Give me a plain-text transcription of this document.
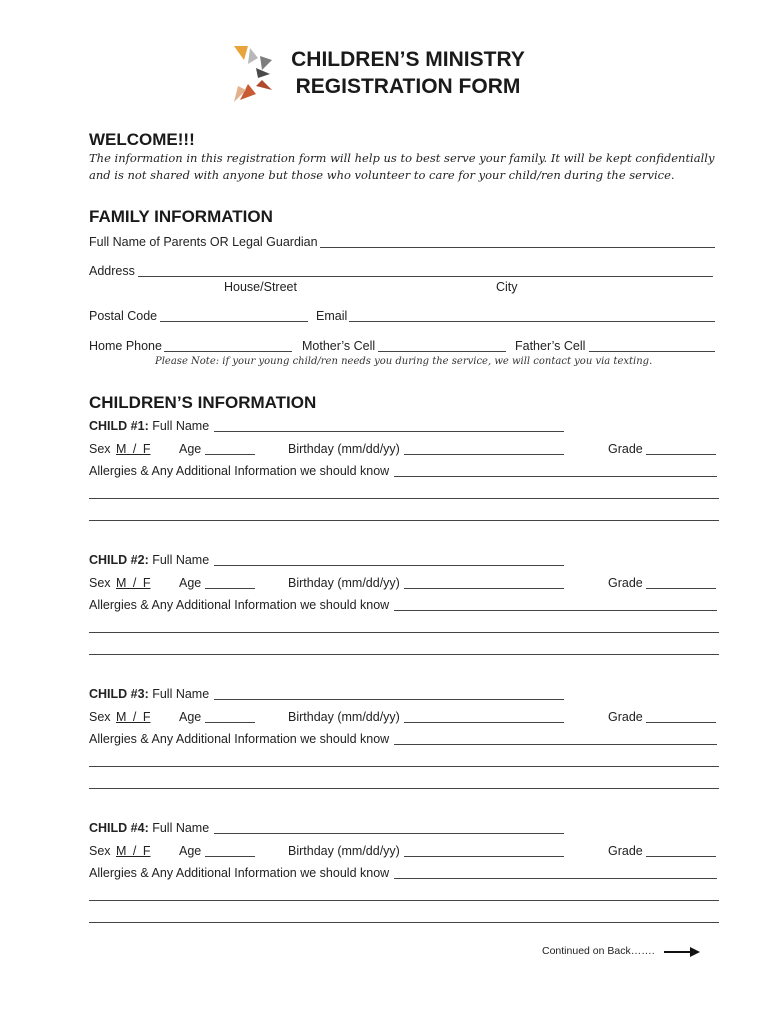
CHILDREN’S MINISTRY
REGISTRATION FORM
WELCOME!!!
The information in this registration form will help us to best serve your family. It will be kept confidentially
and is not shared with anyone but those who volunteer to care for your child/ren during the service.
FAMILY INFORMATION
Full Name of Parents OR Legal Guardian
Address
House/Street	City
Postal Code	Email
Home Phone	Mother’s Cell	Father’s Cell
Please Note: if your young child/ren needs you during the service, we will contact you via texting.
CHILDREN’S INFORMATION
CHILD #1: Full Name
Sex M / F Age	Birthday (mm/dd/yy)	Grade
Allergies & Any Additional Information we should know
CHILD #2: Full Name
Sex M / F Age	Birthday (mm/dd/yy)	Grade
Allergies & Any Additional Information we should know
CHILD #3: Full Name
Sex M / F Age	Birthday (mm/dd/yy)	Grade
Allergies & Any Additional Information we should know
CHILD #4: Full Name
Sex M / F Age	Birthday (mm/dd/yy)	Grade
Allergies & Any Additional Information we should know
Continued on Back…….
